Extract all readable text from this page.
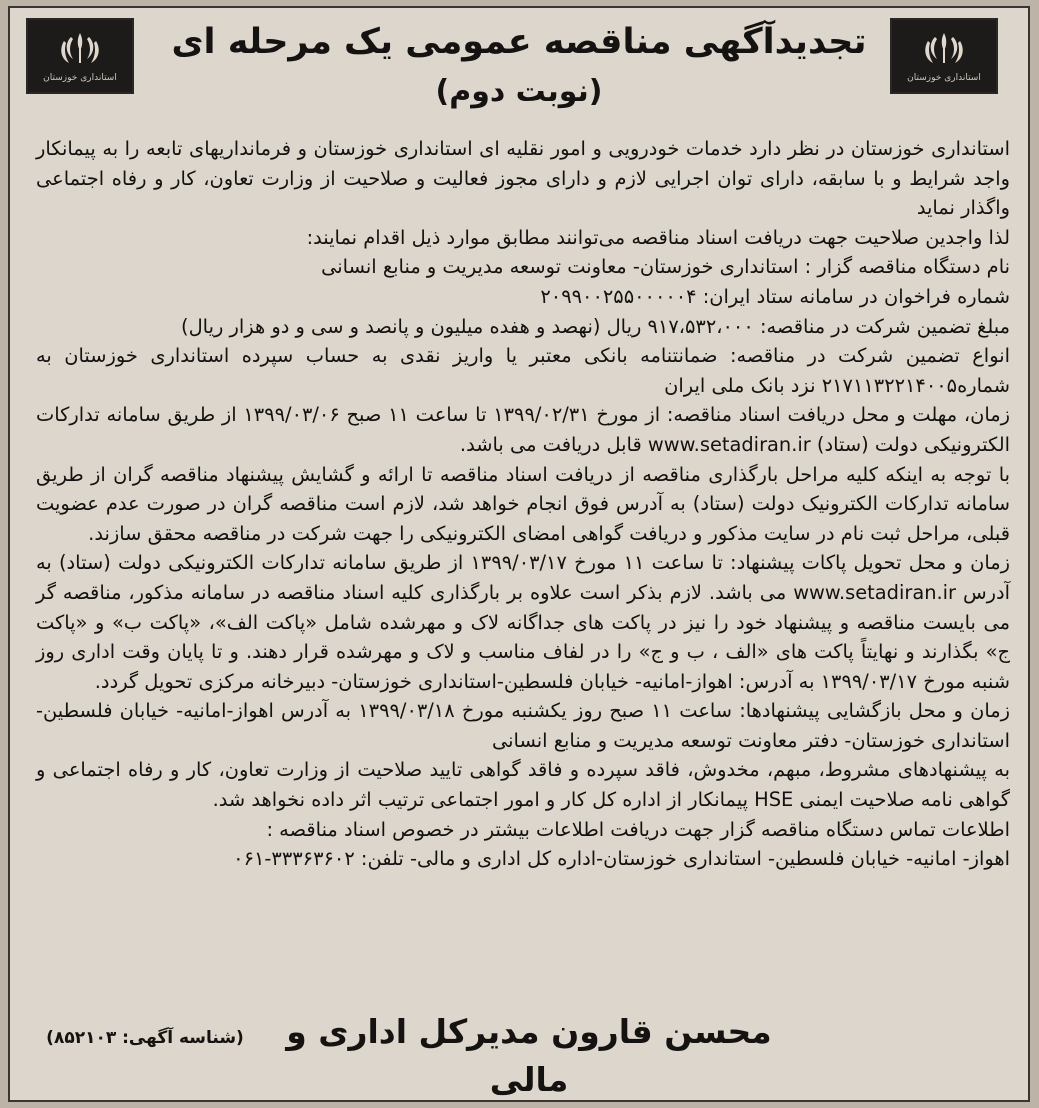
استانداری خوزستان
تجدیدآگهی مناقصه عمومی یک مرحله ای
(نوبت دوم)
استانداری خوزستان

استانداری خوزستان در نظر دارد خدمات خودرویی و امور نقلیه ای استانداری خوزستان و فرمانداریهای تابعه را به پیمانکار واجد شرایط و با سابقه، دارای توان اجرایی لازم و دارای مجوز فعالیت و صلاحیت از وزارت تعاون، کار و رفاه اجتماعی واگذار نماید

لذا واجدین صلاحیت جهت دریافت اسناد مناقصه می‌توانند مطابق موارد ذیل اقدام نمایند:

نام دستگاه مناقصه گزار : استانداری خوزستان- معاونت توسعه مدیریت و منابع انسانی

شماره فراخوان در سامانه ستاد ایران: ۲۰۹۹۰۰۲۵۵۰۰۰۰۰۴

مبلغ تضمین شرکت در مناقصه: ۹۱۷،۵۳۲،۰۰۰ ریال (نهصد و هفده میلیون و پانصد و سی و دو هزار ریال)

انواع تضمین شرکت در مناقصه: ضمانتنامه بانکی معتبر یا واریز نقدی به حساب سپرده استانداری خوزستان به شماره۲۱۷۱۱۳۲۲۱۴۰۰۵ نزد بانک ملی ایران

زمان، مهلت و محل دریافت اسناد مناقصه: از مورخ ۱۳۹۹/۰۲/۳۱ تا ساعت ۱۱ صبح ۱۳۹۹/۰۳/۰۶ از طریق سامانه تدارکات الکترونیکی دولت (ستاد) www.setadiran.ir قابل دریافت می باشد.

با توجه به اینکه کلیه مراحل بارگذاری مناقصه از دریافت اسناد مناقصه تا ارائه و گشایش پیشنهاد مناقصه گران از طریق سامانه تدارکات الکترونیک دولت (ستاد) به آدرس فوق انجام خواهد شد، لازم است مناقصه گران در صورت عدم عضویت قبلی، مراحل ثبت نام در سایت مذکور و دریافت گواهی امضای الکترونیکی را جهت شرکت در مناقصه محقق سازند.

زمان و محل تحویل پاکات پیشنهاد: تا ساعت ۱۱ مورخ ۱۳۹۹/۰۳/۱۷ از طریق سامانه تدارکات الکترونیکی دولت (ستاد) به آدرس www.setadiran.ir می باشد. لازم بذکر است علاوه بر بارگذاری کلیه اسناد مناقصه در سامانه مذکور، مناقصه گر می بایست مناقصه و پیشنهاد خود را نیز در پاکت های جداگانه لاک و مهرشده شامل «پاکت الف»، «پاکت ب» و «پاکت ج» بگذارند و نهایتاً پاکت های «الف ، ب و ج» را در لفاف مناسب و لاک و مهرشده قرار دهند. و تا پایان وقت اداری روز شنبه مورخ ۱۳۹۹/۰۳/۱۷ به آدرس: اهواز-امانیه- خیابان فلسطین-استانداری خوزستان- دبیرخانه مرکزی تحویل گردد.

زمان و محل بازگشایی پیشنهادها: ساعت ۱۱ صبح روز یکشنبه مورخ ۱۳۹۹/۰۳/۱۸ به آدرس اهواز-امانیه- خیابان فلسطین- استانداری خوزستان- دفتر معاونت توسعه مدیریت و منابع انسانی

به پیشنهادهای مشروط، مبهم، مخدوش، فاقد سپرده و فاقد گواهی تایید صلاحیت از وزارت تعاون، کار و رفاه اجتماعی و گواهی نامه صلاحیت ایمنی HSE پیمانکار از اداره کل کار و امور اجتماعی ترتیب اثر داده نخواهد شد.

اطلاعات تماس دستگاه مناقصه گزار جهت دریافت اطلاعات بیشتر در خصوص اسناد مناقصه :

اهواز- امانیه- خیابان فلسطین- استانداری خوزستان-اداره کل اداری و مالی- تلفن: ۳۳۳۶۳۶۰۲-۰۶۱

محسن قارون مدیرکل اداری و مالی
(شناسه آگهی: ۸۵۲۱۰۳)
